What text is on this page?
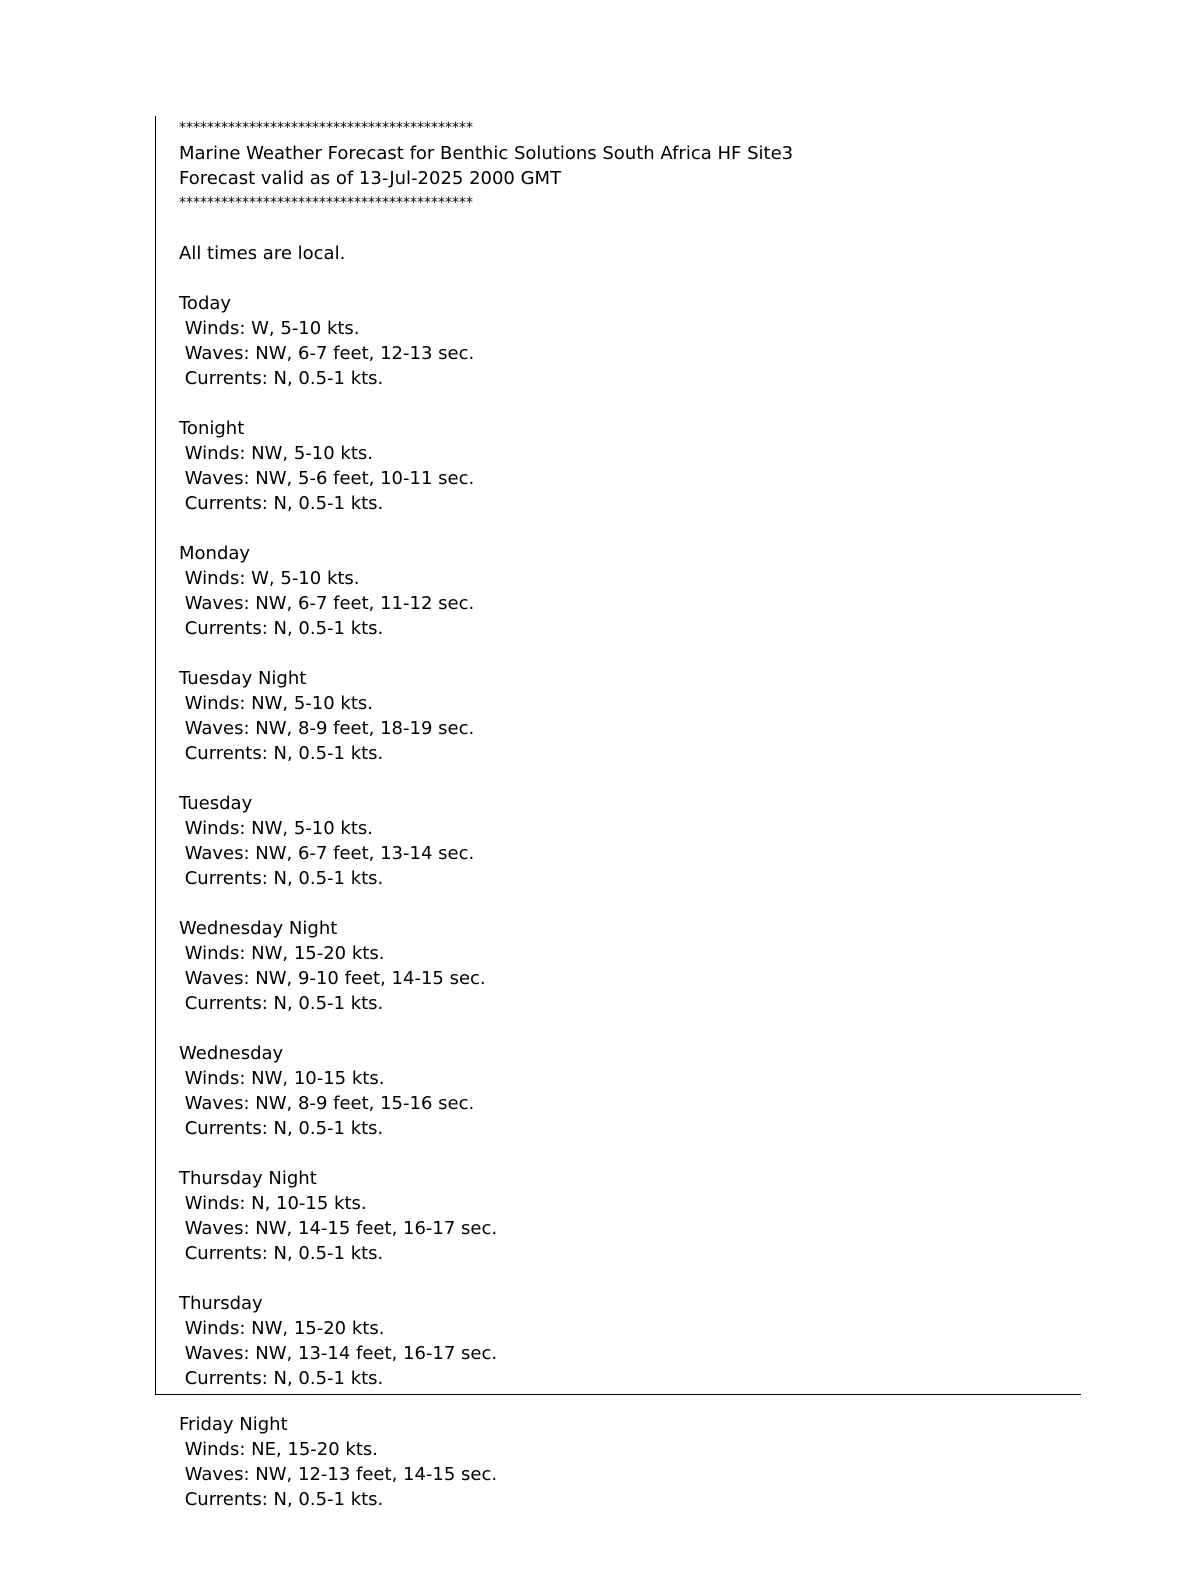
******************************************
Marine Weather Forecast for Benthic Solutions South Africa HF Site3
Forecast valid as of 13-Jul-2025 2000 GMT
******************************************
All times are local.
Today
Winds: W, 5-10 kts.
Waves: NW, 6-7 feet, 12-13 sec.
Currents: N, 0.5-1 kts.
Tonight
Winds: NW, 5-10 kts.
Waves: NW, 5-6 feet, 10-11 sec.
Currents: N, 0.5-1 kts.
Monday
Winds: W, 5-10 kts.
Waves: NW, 6-7 feet, 11-12 sec.
Currents: N, 0.5-1 kts.
Tuesday Night
Winds: NW, 5-10 kts.
Waves: NW, 8-9 feet, 18-19 sec.
Currents: N, 0.5-1 kts.
Tuesday
Winds: NW, 5-10 kts.
Waves: NW, 6-7 feet, 13-14 sec.
Currents: N, 0.5-1 kts.
Wednesday Night
Winds: NW, 15-20 kts.
Waves: NW, 9-10 feet, 14-15 sec.
Currents: N, 0.5-1 kts.
Wednesday
Winds: NW, 10-15 kts.
Waves: NW, 8-9 feet, 15-16 sec.
Currents: N, 0.5-1 kts.
Thursday Night
Winds: N, 10-15 kts.
Waves: NW, 14-15 feet, 16-17 sec.
Currents: N, 0.5-1 kts.
Thursday
Winds: NW, 15-20 kts.
Waves: NW, 13-14 feet, 16-17 sec.
Currents: N, 0.5-1 kts.
Friday Night
Winds: NE, 15-20 kts.
Waves: NW, 12-13 feet, 14-15 sec.
Currents: N, 0.5-1 kts.
